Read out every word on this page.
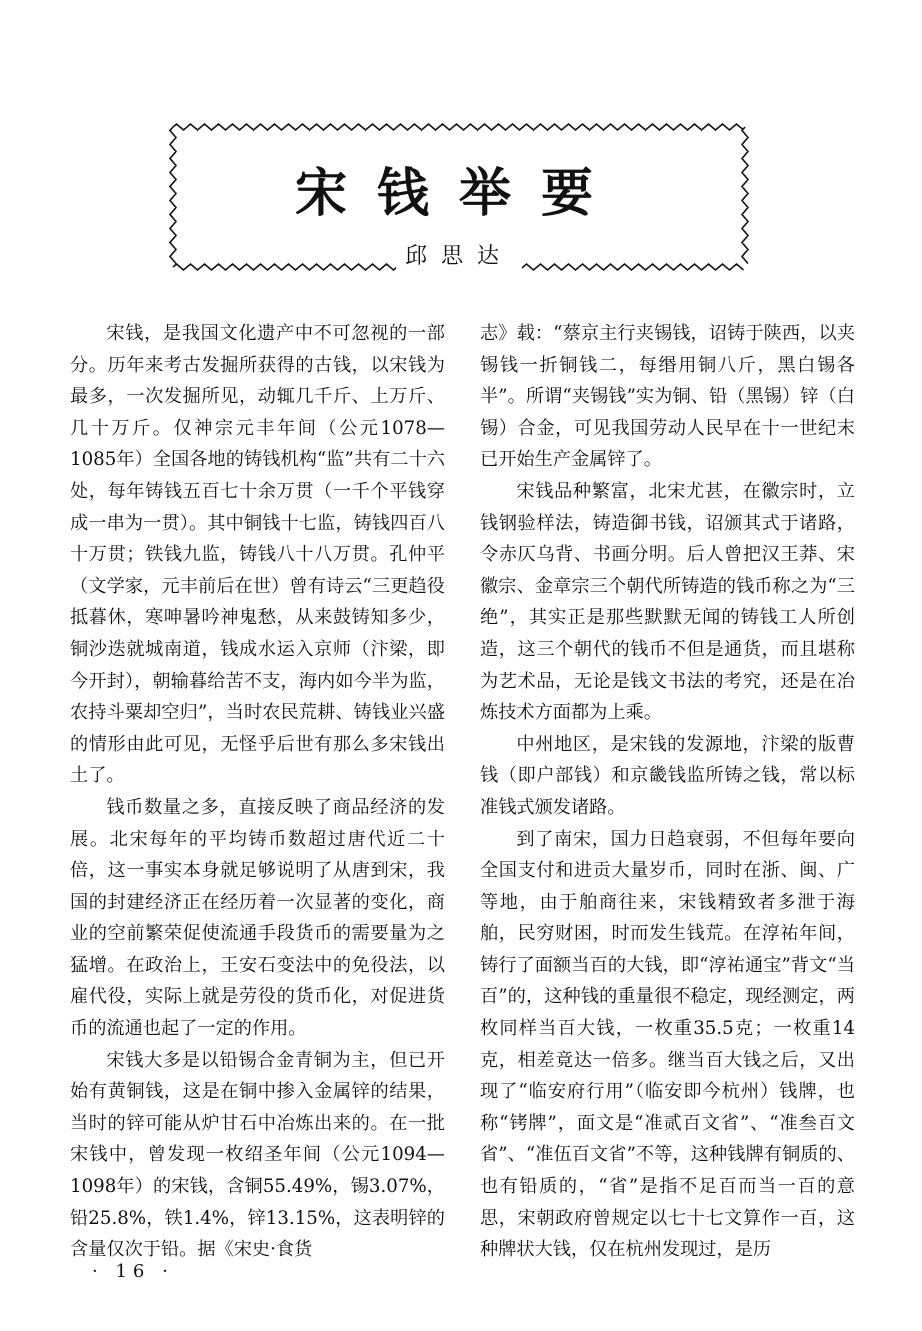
宋钱举要
邱思达

宋钱，是我国文化遗产中不可忽视的一部分。历年来考古发掘所获得的古钱，以宋钱为最多，一次发掘所见，动辄几千斤、上万斤、几十万斤。仅神宗元丰年间（公元1078—1085年）全国各地的铸钱机构“监”共有二十六处，每年铸钱五百七十余万贯（一千个平钱穿成一串为一贯）。其中铜钱十七监，铸钱四百八十万贯；铁钱九监，铸钱八十八万贯。孔仲平（文学家，元丰前后在世）曾有诗云“三更趋役抵暮休，寒呻暑吟神鬼愁，从来鼓铸知多少，铜沙迭就城南道，钱成水运入京师（汴梁，即今开封），朝输暮给苦不支，海内如今半为监，农持斗粟却空归”，当时农民荒耕、铸钱业兴盛的情形由此可见，无怪乎后世有那么多宋钱出土了。

钱币数量之多，直接反映了商品经济的发展。北宋每年的平均铸币数超过唐代近二十倍，这一事实本身就足够说明了从唐到宋，我国的封建经济正在经历着一次显著的变化，商业的空前繁荣促使流通手段货币的需要量为之猛增。在政治上，王安石变法中的免役法，以雇代役，实际上就是劳役的货币化，对促进货币的流通也起了一定的作用。

宋钱大多是以铅锡合金青铜为主，但已开始有黄铜钱，这是在铜中掺入金属锌的结果，当时的锌可能从炉甘石中冶炼出来的。在一批宋钱中，曾发现一枚绍圣年间（公元1094—1098年）的宋钱，含铜55.49%，锡3.07%，铅25.8%，铁1.4%，锌13.15%，这表明锌的含量仅次于铅。据《宋史·食货

志》载：“蔡京主行夹锡钱，诏铸于陕西，以夹锡钱一折铜钱二，每缗用铜八斤，黑白锡各半”。所谓“夹锡钱”实为铜、铅（黑锡）锌（白锡）合金，可见我国劳动人民早在十一世纪末已开始生产金属锌了。

宋钱品种繁富，北宋尤甚，在徽宗时，立钱钢验样法，铸造御书钱，诏颁其式于诸路，令赤仄乌背、书画分明。后人曾把汉王莽、宋徽宗、金章宗三个朝代所铸造的钱币称之为“三绝”，其实正是那些默默无闻的铸钱工人所创造，这三个朝代的钱币不但是通货，而且堪称为艺术品，无论是钱文书法的考究，还是在冶炼技术方面都为上乘。

中州地区，是宋钱的发源地，汴梁的版曹钱（即户部钱）和京畿钱监所铸之钱，常以标准钱式颁发诸路。

到了南宋，国力日趋衰弱，不但每年要向全国支付和进贡大量岁币，同时在浙、闽、广等地，由于舶商往来，宋钱精致者多泄于海舶，民穷财困，时而发生钱荒。在淳祐年间，铸行了面额当百的大钱，即“淳祐通宝”背文“当百”的，这种钱的重量很不稳定，现经测定，两枚同样当百大钱，一枚重35.5克；一枚重14克，相差竟达一倍多。继当百大钱之后，又出现了“临安府行用”（临安即今杭州）钱牌，也称“铐牌”，面文是“准贰百文省”、“准叁百文省”、“准伍百文省”不等，这种钱牌有铜质的、也有铅质的，“省”是指不足百而当一百的意思，宋朝政府曾规定以七十七文算作一百，这种牌状大钱，仅在杭州发现过，是历

· 16 ·
